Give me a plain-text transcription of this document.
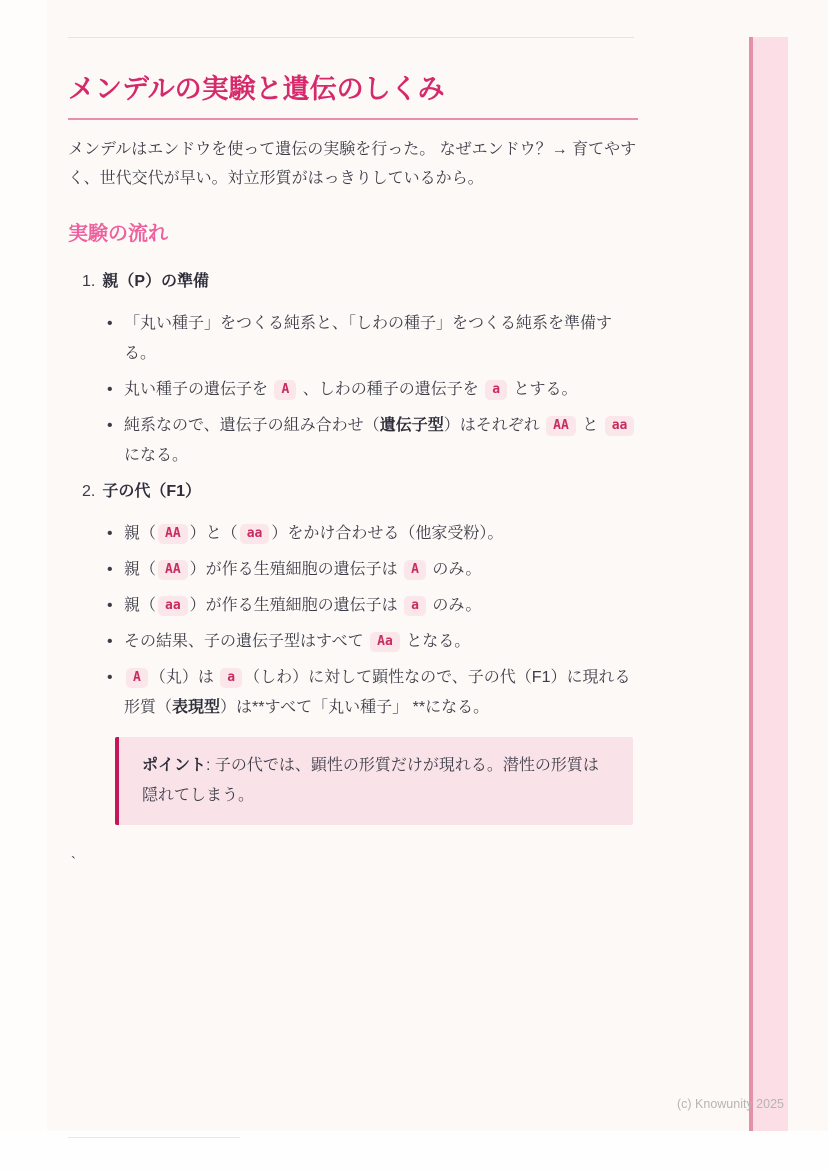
メンデルの実験と遺伝のしくみ

メンデルはエンドウを使って遺伝の実験を行った。 なぜエンドウ？→ 育てやすく、世代交代が早い。対立形質がはっきりしているから。

実験の流れ
1. 親（P）の準備
• 「丸い種子」をつくる純系と、「しわの種子」をつくる純系を準備する。
• 丸い種子の遺伝子を A 、しわの種子の遺伝子を a とする。
• 純系なので、遺伝子の組み合わせ（遺伝子型）はそれぞれ AA と aa になる。
2. 子の代（F1）
• 親（ AA ）と（ aa ）をかけ合わせる（他家受粉）。
• 親（ AA ）が作る生殖細胞の遺伝子は A のみ。
• 親（ aa ）が作る生殖細胞の遺伝子は a のみ。
• その結果、子の遺伝子型はすべて Aa となる。
• A （丸）は a （しわ）に対して顕性なので、子の代（F1）に現れる形質（表現型）は**すべて「丸い種子」 **になる。
ポイント: 子の代では、顕性の形質だけが現れる。潜性の形質は隠れてしまう。
`
(c) Knowunity 2025
